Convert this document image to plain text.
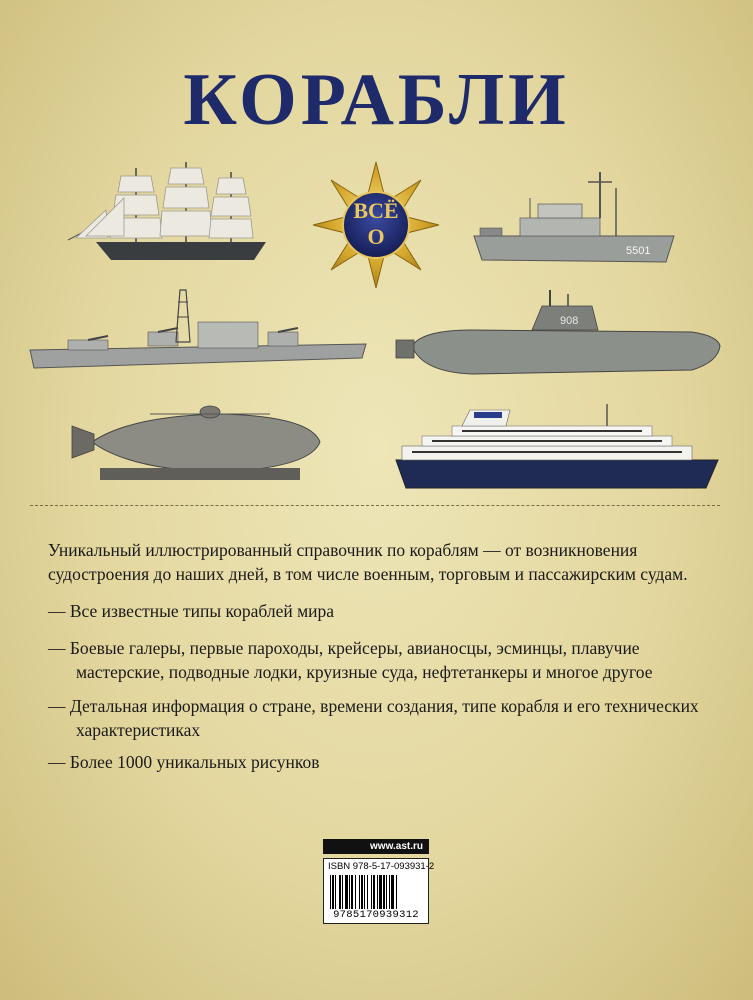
КОРАБЛИ
ВСЁ
О
5501
908

Уникальный иллюстрированный справочник по кораблям — от возникновения судостроения до наших дней, в том числе военным, торговым и пассажирским судам.

— Все известные типы кораблей мира

— Боевые галеры, первые пароходы, крейсеры, авианосцы, эсминцы, плавучие мастерские, подводные лодки, круизные суда, нефтетанкеры и многое другое

— Детальная информация о стране, времени создания, типе корабля и его технических характеристиках

— Более 1000 уникальных рисунков

www.ast.ru
ISBN 978-5-17-093931-2
9785170939312
